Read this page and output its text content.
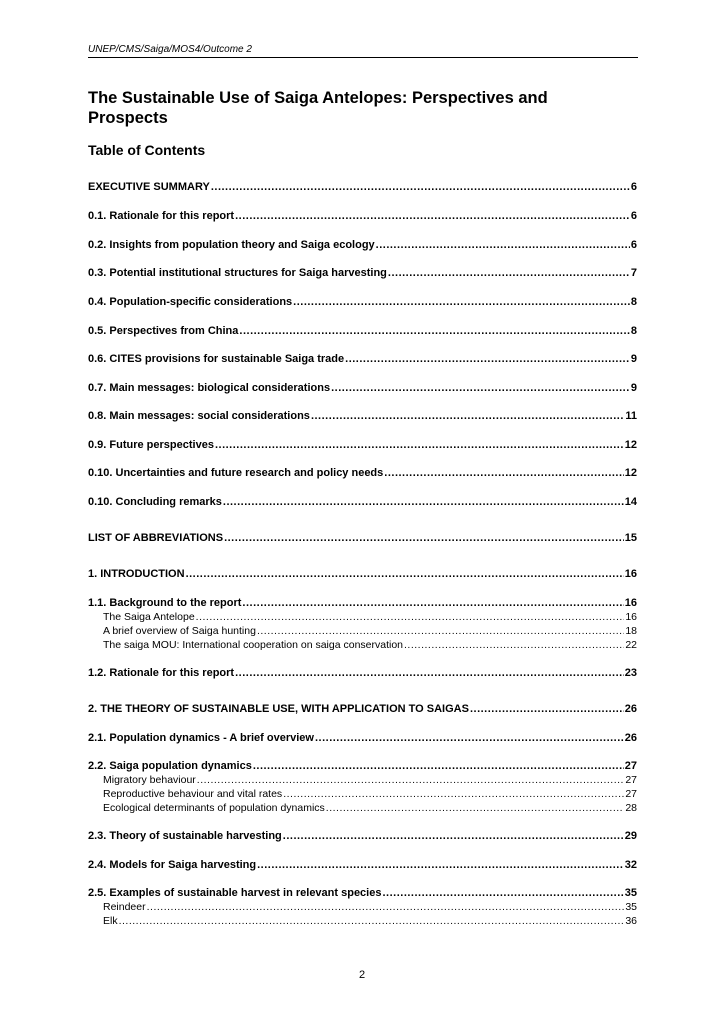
UNEP/CMS/Saiga/MOS4/Outcome 2
The Sustainable Use of Saiga Antelopes: Perspectives and Prospects
Table of Contents
EXECUTIVE SUMMARY .....	6
0.1. Rationale for this report .....	6
0.2. Insights from population theory and Saiga ecology .....	6
0.3. Potential institutional structures for Saiga harvesting .....	7
0.4. Population-specific considerations .....	8
0.5. Perspectives from China .....	8
0.6. CITES provisions for sustainable Saiga trade .....	9
0.7. Main messages: biological considerations .....	9
0.8. Main messages: social considerations .....	11
0.9. Future perspectives .....	12
0.10. Uncertainties and future research and policy needs .....	12
0.10. Concluding remarks .....	14
LIST OF ABBREVIATIONS .....	15
1. INTRODUCTION .....	16
1.1. Background to the report .....	16
The Saiga Antelope .....	16
A brief overview of Saiga hunting .....	18
The saiga MOU: International cooperation on saiga conservation .....	22
1.2. Rationale for this report .....	23
2. THE THEORY OF SUSTAINABLE USE, WITH APPLICATION TO SAIGAS .....	26
2.1. Population dynamics - A brief overview .....	26
2.2. Saiga population dynamics .....	27
Migratory behaviour .....	27
Reproductive behaviour and vital rates .....	27
Ecological determinants of population dynamics .....	28
2.3. Theory of sustainable harvesting .....	29
2.4. Models for Saiga harvesting .....	32
2.5. Examples of sustainable harvest in relevant species .....	35
Reindeer .....	35
Elk .....	36
2
